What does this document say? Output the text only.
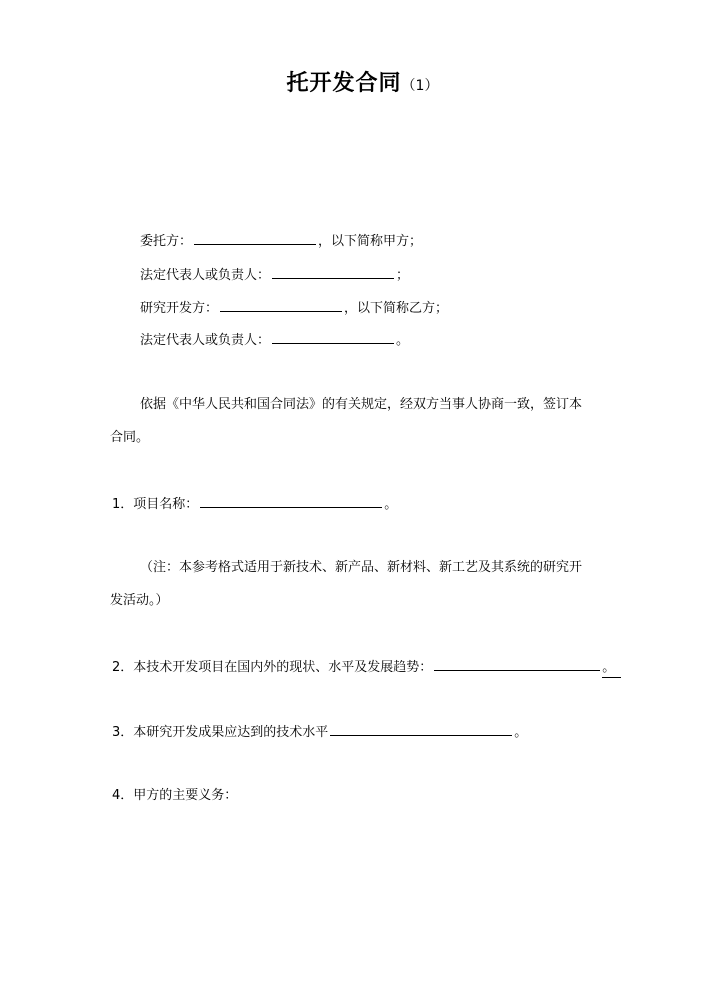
托开发合同（1）
委托方：	，以下简称甲方；
法定代表人或负责人：	；
研究开发方：	，以下简称乙方；
法定代表人或负责人：	。
依据《中华人民共和国合同法》的有关规定，经双方当事人协商一致，签订本
合同。
1．项目名称：	。
（注：本参考格式适用于新技术、新产品、新材料、新工艺及其系统的研究开
发活动。）
2．本技术开发项目在国内外的现状、水平及发展趋势：	。
3．本研究开发成果应达到的技术水平	。
4．甲方的主要义务：
